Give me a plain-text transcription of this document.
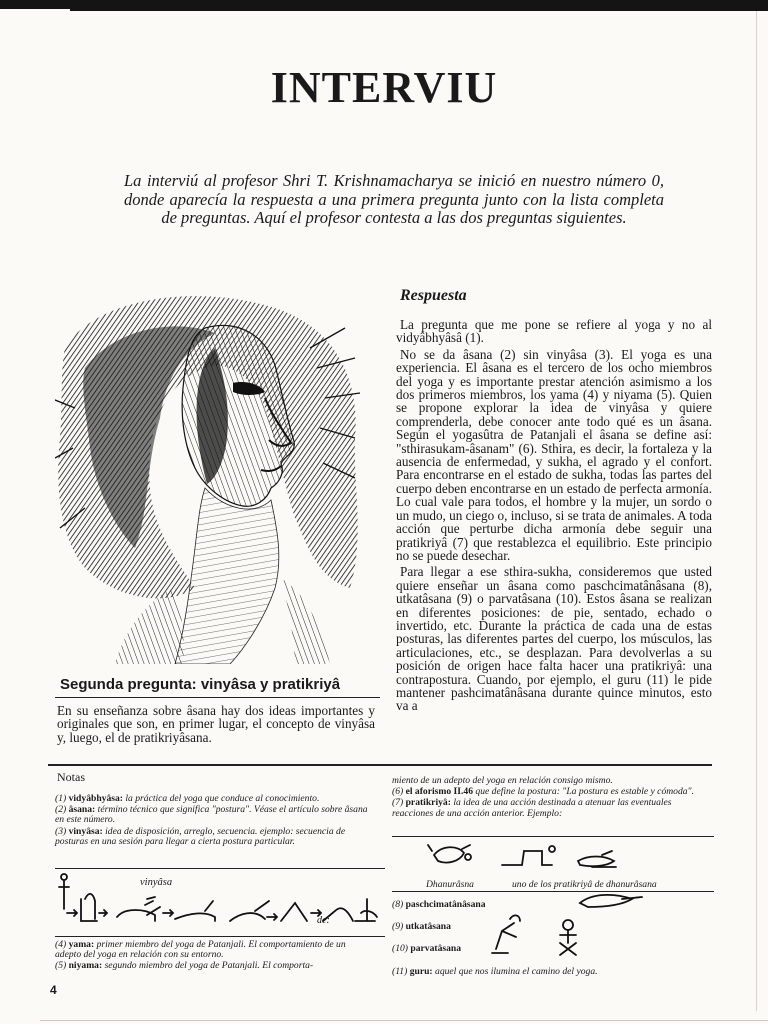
INTERVIU

La interviú al profesor Shri T. Krishnamacharya se inició en nuestro número 0, donde aparecía la respuesta a una primera pregunta junto con la lista completa de preguntas. Aquí el profesor contesta a las dos preguntas siguientes.

Respuesta

La pregunta que me pone se refiere al yoga y no al vidyâbhyâsâ (1).

No se da âsana (2) sin vinyâsa (3). El yoga es una experiencia. El âsana es el tercero de los ocho miembros del yoga y es importante prestar atención asimismo a los dos primeros miembros, los yama (4) y niyama (5). Quien se propone explorar la idea de vinyâsa y quiere comprenderla, debe conocer ante todo qué es un âsana. Según el yogasûtra de Patanjali el âsana se define así: "sthirasukam-âsanam" (6). Sthira, es decir, la fortaleza y la ausencia de enfermedad, y sukha, el agrado y el confort. Para encontrarse en el estado de sukha, todas las partes del cuerpo deben encontrarse en un estado de perfecta armonía. Lo cual vale para todos, el hombre y la mujer, un sordo o un mudo, un ciego o, incluso, si se trata de animales. A toda acción que perturbe dicha armonía debe seguir una pratikriyâ (7) que restablezca el equilibrio. Este principio no se puede desechar.

Para llegar a ese sthira-sukha, consideremos que usted quiere enseñar un âsana como paschcimatânâsana (8), utkatâsana (9) o parvatâsana (10). Estos âsana se realizan en diferentes posiciones: de pie, sentado, echado o invertido, etc. Durante la práctica de cada una de estas posturas, las diferentes partes del cuerpo, los músculos, las articulaciones, etc., se desplazan. Para devolverlas a su posición de origen hace falta hacer una pratikriyâ: una contrapostura. Cuando, por ejemplo, el guru (11) le pide mantener pashcimatânâsana durante quince minutos, esto va a

Segunda pregunta: vinyâsa y pratikriyâ

En su enseñanza sobre âsana hay dos ideas importantes y originales que son, en primer lugar, el concepto de vinyâsa y, luego, el de pratikriyâsana.

Notas

(1) vidyâbhyâsa: la práctica del yoga que conduce al conocimiento.

(2) âsana: término técnico que significa "postura". Véase el artículo sobre âsana en este número.

(3) vinyâsa: idea de disposición, arreglo, secuencia. ejemplo: secuencia de posturas en una sesión para llegar a cierta postura particular.

de:
vinyâsa

(4) yama: primer miembro del yoga de Patanjali. El comportamiento de un adepto del yoga en relación con su entorno.

(5) niyama: segundo miembro del yoga de Patanjali. El comporta-

miento de un adepto del yoga en relación consigo mismo.

(6) el aforismo II.46 que define la postura: "La postura es estable y cómoda".

(7) pratikriyâ: la idea de una acción destinada a atenuar las eventuales reacciones de una acción anterior. Ejemplo:

Dhanurâsna	uno de los pratikriyâ de dhanurâsana
(8) paschcimatânâsana
(9) utkatâsana
(10) parvatâsana
(11) guru: aquel que nos ilumina el camino del yoga.
4
